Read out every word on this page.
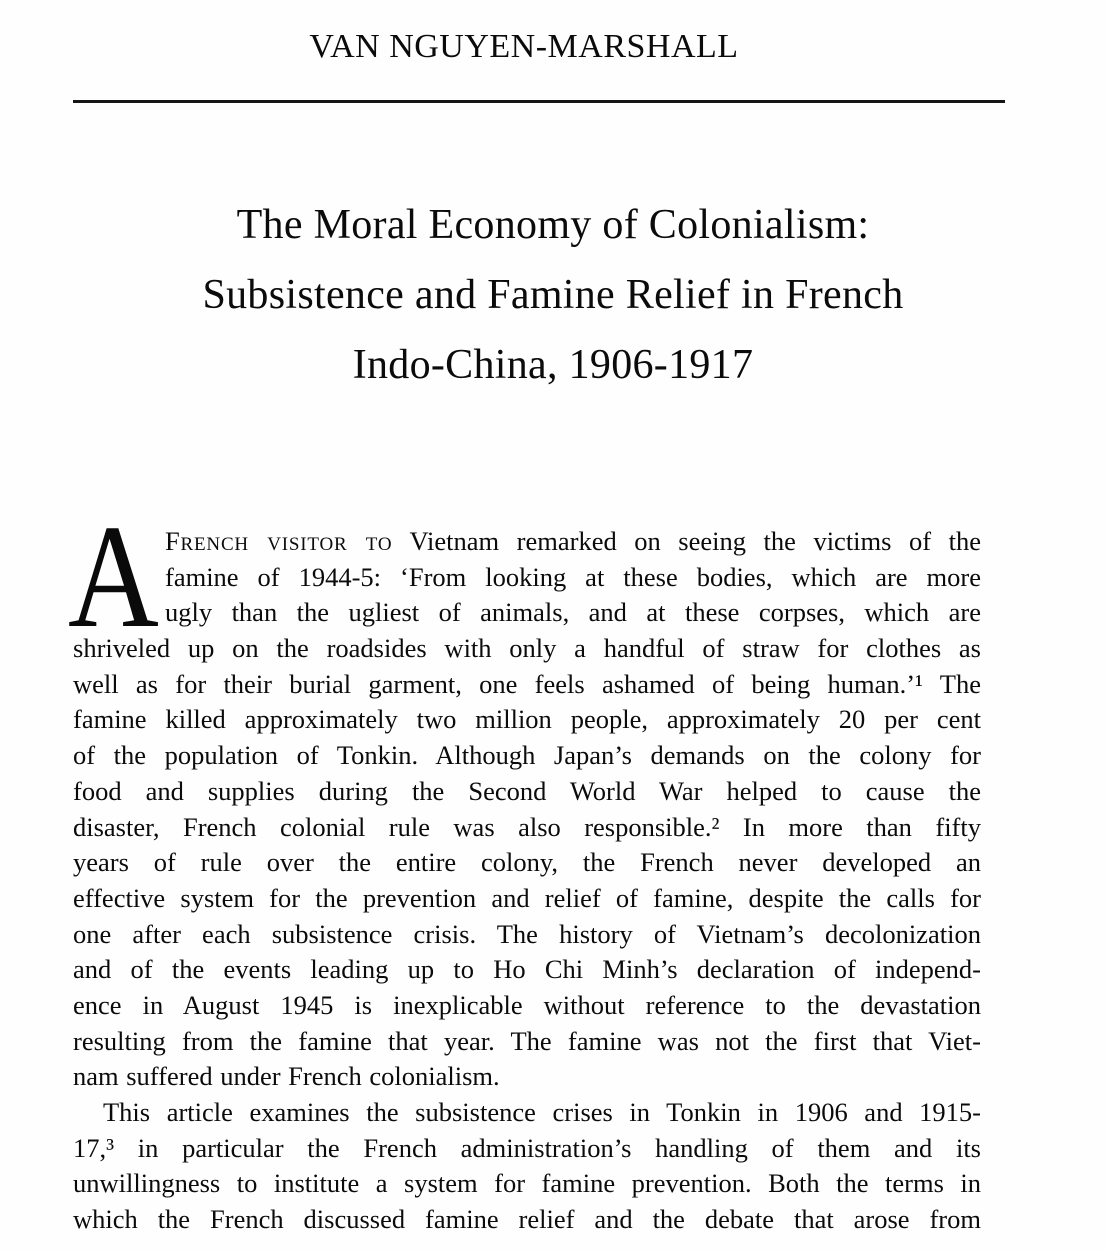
VAN NGUYEN-MARSHALL
The Moral Economy of Colonialism:
Subsistence and Famine Relief in French
Indo-China, 1906-1917
A French visitor to Vietnam remarked on seeing the victims of the
famine of 1944-5: ‘From looking at these bodies, which are more
ugly than the ugliest of animals, and at these corpses, which are
shriveled up on the roadsides with only a handful of straw for clothes as
well as for their burial garment, one feels ashamed of being human.’¹ The
famine killed approximately two million people, approximately 20 per cent
of the population of Tonkin. Although Japan’s demands on the colony for
food and supplies during the Second World War helped to cause the
disaster, French colonial rule was also responsible.² In more than fifty
years of rule over the entire colony, the French never developed an
effective system for the prevention and relief of famine, despite the calls for
one after each subsistence crisis. The history of Vietnam’s decolonization
and of the events leading up to Ho Chi Minh’s declaration of independ-
ence in August 1945 is inexplicable without reference to the devastation
resulting from the famine that year. The famine was not the first that Viet-
nam suffered under French colonialism.
This article examines the subsistence crises in Tonkin in 1906 and 1915-
17,³ in particular the French administration’s handling of them and its
unwillingness to institute a system for famine prevention. Both the terms in
which the French discussed famine relief and the debate that arose from
